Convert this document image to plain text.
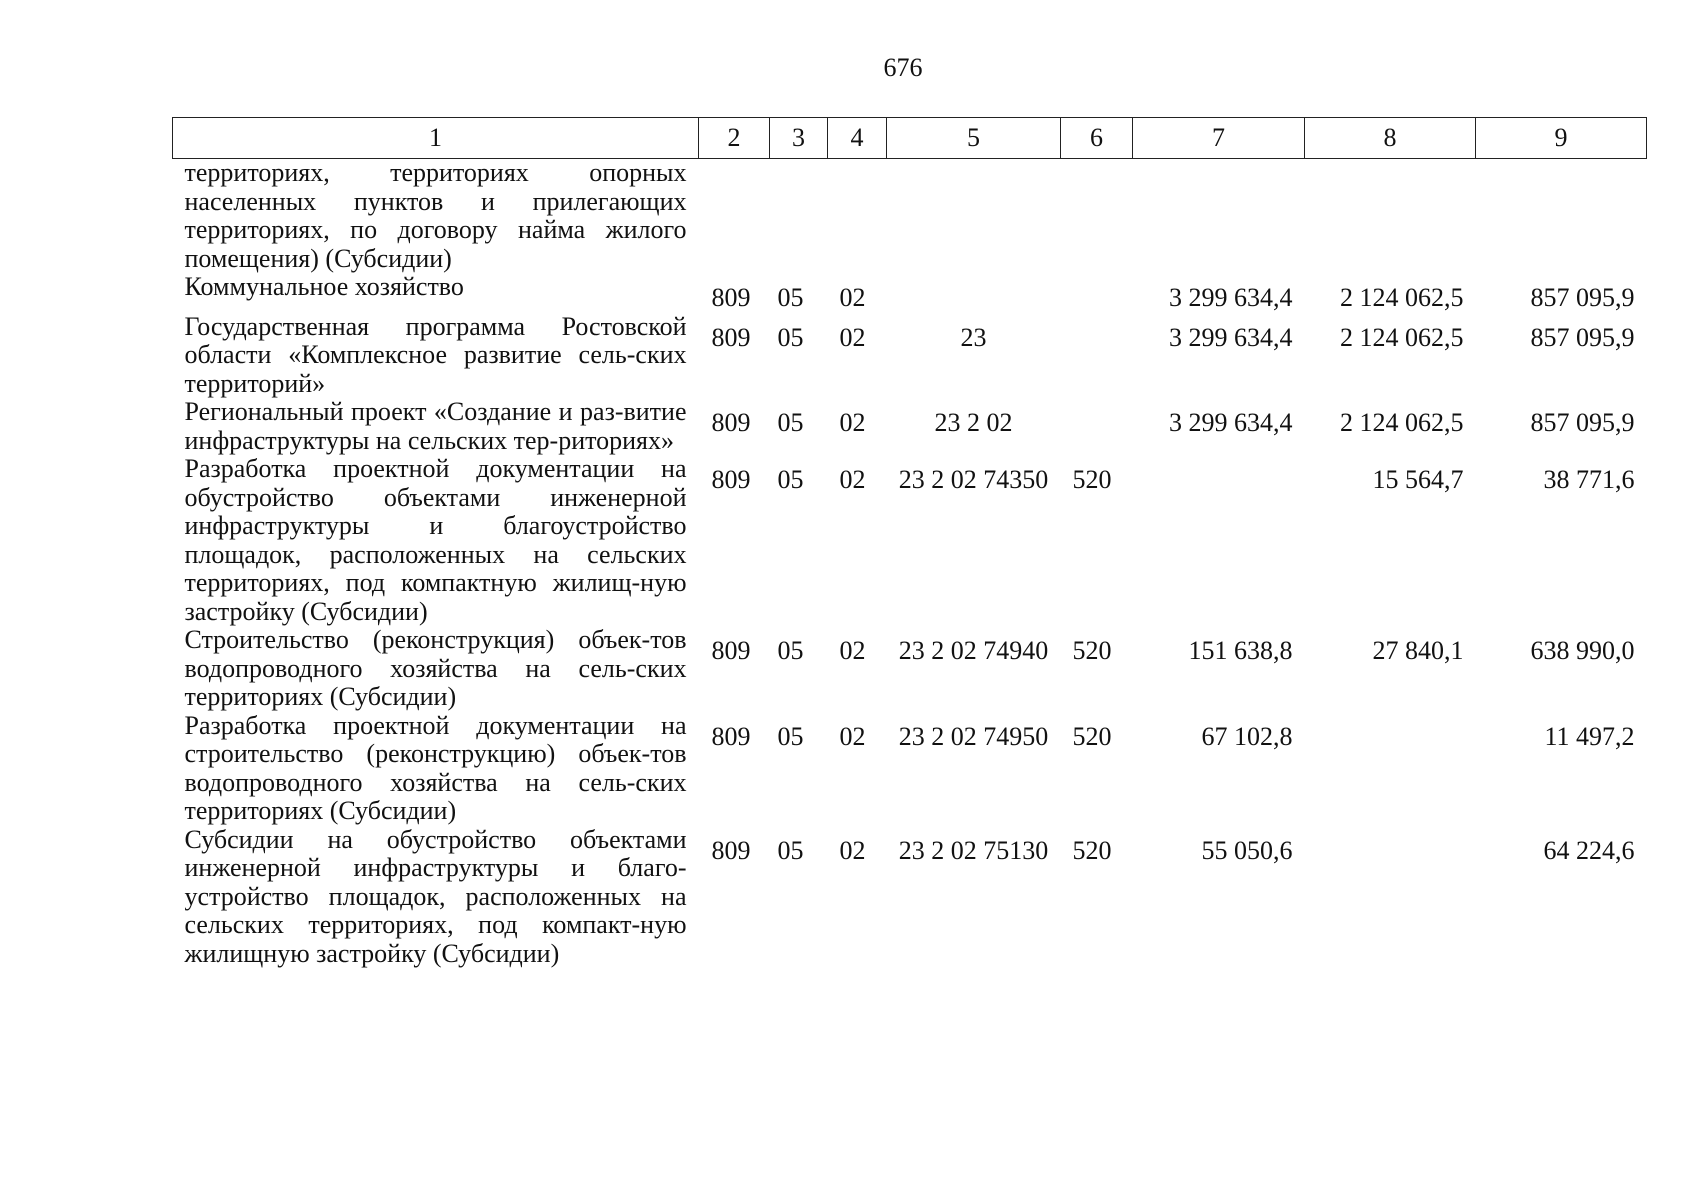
676
1	2	3	4	5	6	7	8	9
территориях, территориях опорных населенных пунктов и прилегающих территориях, по договору найма жилого помещения) (Субсидии)								
Коммунальное хозяйство	809	05	02			3 299 634,4	2 124 062,5	857 095,9
Государственная программа Ростовской области «Комплексное развитие сель-ских территорий»	809	05	02	23		3 299 634,4	2 124 062,5	857 095,9
Региональный проект «Создание и раз-витие инфраструктуры на сельских тер-риториях»	809	05	02	23 2 02		3 299 634,4	2 124 062,5	857 095,9
Разработка проектной документации на обустройство объектами инженерной инфраструктуры и благоустройство площадок, расположенных на сельских территориях, под компактную жилищ-ную застройку (Субсидии)	809	05	02	23 2 02 74350	520		15 564,7	38 771,6
Строительство (реконструкция) объек-тов водопроводного хозяйства на сель-ских территориях (Субсидии)	809	05	02	23 2 02 74940	520	151 638,8	27 840,1	638 990,0
Разработка проектной документации на строительство (реконструкцию) объек-тов водопроводного хозяйства на сель-ских территориях (Субсидии)	809	05	02	23 2 02 74950	520	67 102,8		11 497,2
Субсидии на обустройство объектами инженерной инфраструктуры и благо-устройство площадок, расположенных на сельских территориях, под компакт-ную жилищную застройку (Субсидии)	809	05	02	23 2 02 75130	520	55 050,6		64 224,6
